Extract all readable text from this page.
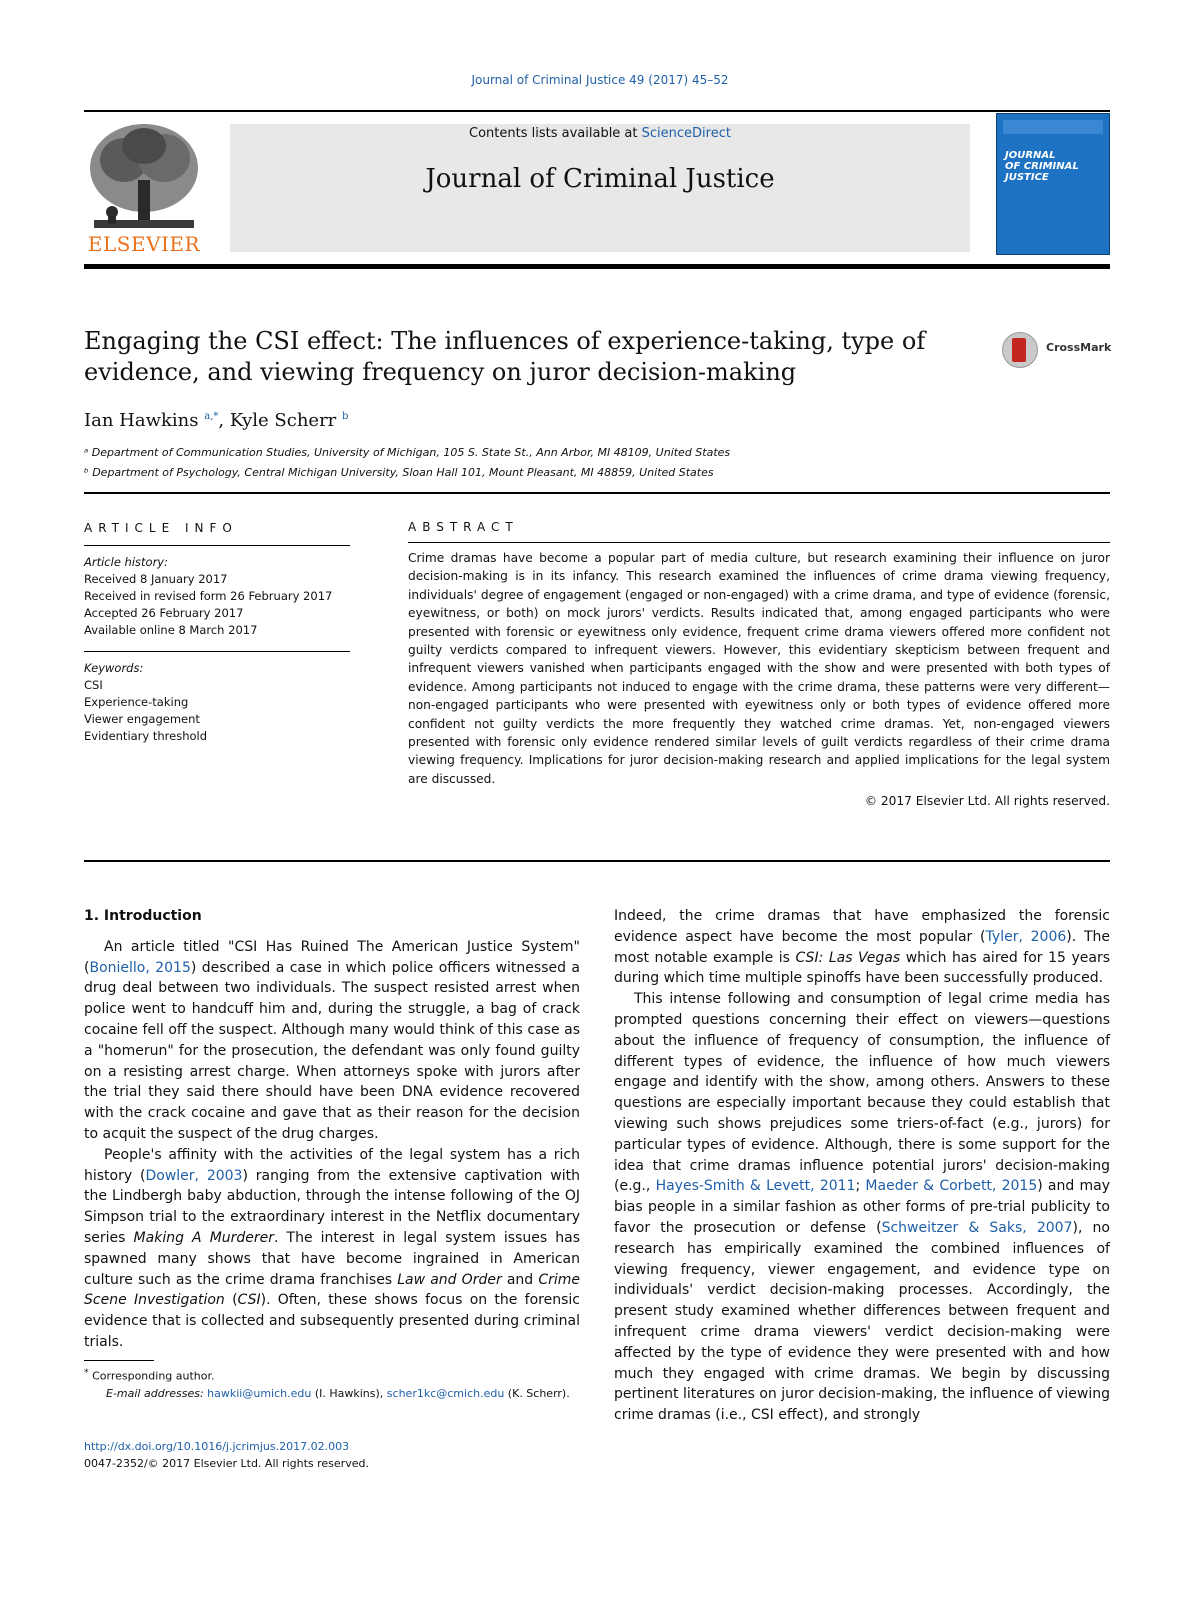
Journal of Criminal Justice 49 (2017) 45–52
ELSEVIER
Contents lists available at ScienceDirect
Journal of Criminal Justice
JOURNAL
OF CRIMINAL
JUSTICE
Engaging the CSI effect: The influences of experience-taking, type of evidence, and viewing frequency on juror decision-making
CrossMark
Ian Hawkins $^{a,*}$, Kyle Scherr $^b$
ᵃ Department of Communication Studies, University of Michigan, 105 S. State St., Ann Arbor, MI 48109, United States
ᵇ Department of Psychology, Central Michigan University, Sloan Hall 101, Mount Pleasant, MI 48859, United States
ARTICLE INFO
Article history:
Received 8 January 2017
Received in revised form 26 February 2017
Accepted 26 February 2017
Available online 8 March 2017
Keywords:
CSI
Experience-taking
Viewer engagement
Evidentiary threshold
ABSTRACT
Crime dramas have become a popular part of media culture, but research examining their influence on juror decision-making is in its infancy. This research examined the influences of crime drama viewing frequency, individuals' degree of engagement (engaged or non-engaged) with a crime drama, and type of evidence (forensic, eyewitness, or both) on mock jurors' verdicts. Results indicated that, among engaged participants who were presented with forensic or eyewitness only evidence, frequent crime drama viewers offered more confident not guilty verdicts compared to infrequent viewers. However, this evidentiary skepticism between frequent and infrequent viewers vanished when participants engaged with the show and were presented with both types of evidence. Among participants not induced to engage with the crime drama, these patterns were very different—non-engaged participants who were presented with eyewitness only or both types of evidence offered more confident not guilty verdicts the more frequently they watched crime dramas. Yet, non-engaged viewers presented with forensic only evidence rendered similar levels of guilt verdicts regardless of their crime drama viewing frequency. Implications for juror decision-making research and applied implications for the legal system are discussed.
© 2017 Elsevier Ltd. All rights reserved.

1. Introduction

An article titled "CSI Has Ruined The American Justice System" (Boniello, 2015) described a case in which police officers witnessed a drug deal between two individuals. The suspect resisted arrest when police went to handcuff him and, during the struggle, a bag of crack cocaine fell off the suspect. Although many would think of this case as a "homerun" for the prosecution, the defendant was only found guilty on a resisting arrest charge. When attorneys spoke with jurors after the trial they said there should have been DNA evidence recovered with the crack cocaine and gave that as their reason for the decision to acquit the suspect of the drug charges.

People's affinity with the activities of the legal system has a rich history (Dowler, 2003) ranging from the extensive captivation with the Lindbergh baby abduction, through the intense following of the OJ Simpson trial to the extraordinary interest in the Netflix documentary series Making A Murderer. The interest in legal system issues has spawned many shows that have become ingrained in American culture such as the crime drama franchises Law and Order and Crime Scene Investigation (CSI). Often, these shows focus on the forensic evidence that is collected and subsequently presented during criminal trials.

Indeed, the crime dramas that have emphasized the forensic evidence aspect have become the most popular (Tyler, 2006). The most notable example is CSI: Las Vegas which has aired for 15 years during which time multiple spinoffs have been successfully produced.

This intense following and consumption of legal crime media has prompted questions concerning their effect on viewers—questions about the influence of frequency of consumption, the influence of different types of evidence, the influence of how much viewers engage and identify with the show, among others. Answers to these questions are especially important because they could establish that viewing such shows prejudices some triers-of-fact (e.g., jurors) for particular types of evidence. Although, there is some support for the idea that crime dramas influence potential jurors' decision-making (e.g., Hayes-Smith & Levett, 2011; Maeder & Corbett, 2015) and may bias people in a similar fashion as other forms of pre-trial publicity to favor the prosecution or defense (Schweitzer & Saks, 2007), no research has empirically examined the combined influences of viewing frequency, viewer engagement, and evidence type on individuals' verdict decision-making processes. Accordingly, the present study examined whether differences between frequent and infrequent crime drama viewers' verdict decision-making were affected by the type of evidence they were presented with and how much they engaged with crime dramas. We begin by discussing pertinent literatures on juror decision-making, the influence of viewing crime dramas (i.e., CSI effect), and strongly

* Corresponding author.
E-mail addresses: hawkii@umich.edu (I. Hawkins), scher1kc@cmich.edu (K. Scherr).
http://dx.doi.org/10.1016/j.jcrimjus.2017.02.003
0047-2352/© 2017 Elsevier Ltd. All rights reserved.
